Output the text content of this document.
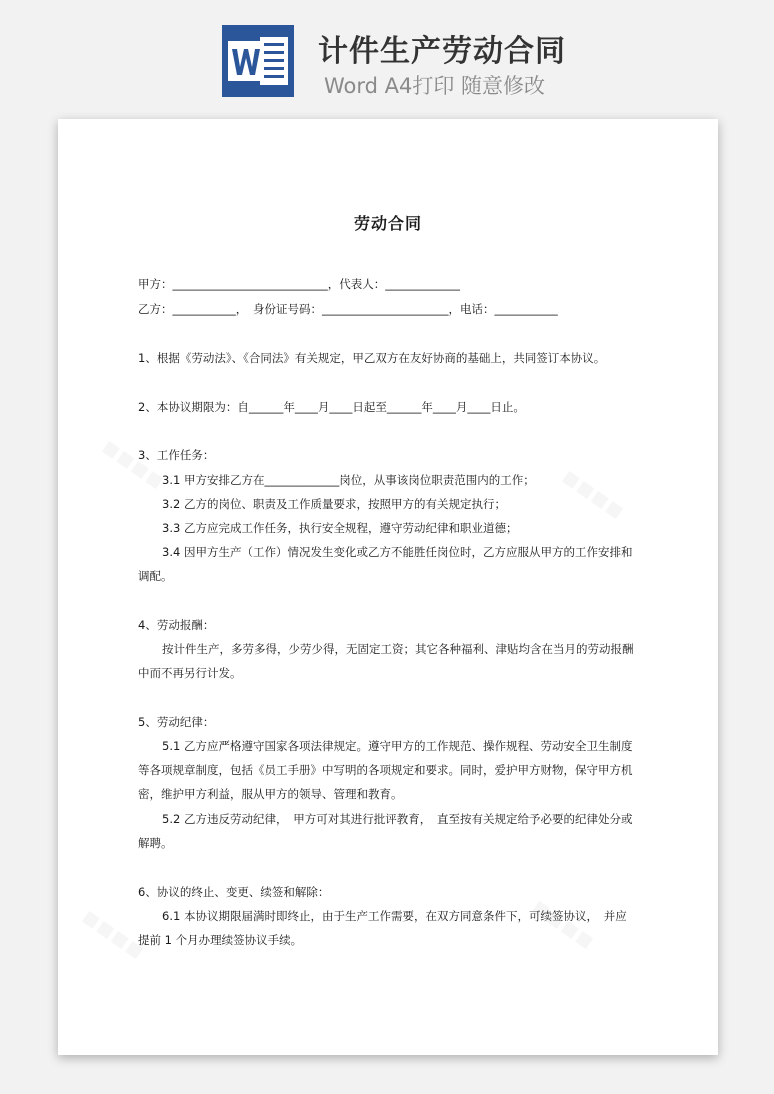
计件生产劳动合同
Word A4打印 随意修改
劳动合同
甲方：___________________________，代表人：_____________
乙方：___________，　身份证号码：______________________，电话：___________
1、根据《劳动法》、《合同法》有关规定，甲乙双方在友好协商的基础上，共同签订本协议。
2、本协议期限为：自______年____月____日起至______年____月____日止。
3、工作任务：
3.1 甲方安排乙方在_____________岗位，从事该岗位职责范围内的工作；
3.2 乙方的岗位、职责及工作质量要求，按照甲方的有关规定执行；
3.3 乙方应完成工作任务，执行安全规程，遵守劳动纪律和职业道德；
3.4 因甲方生产（工作）情况发生变化或乙方不能胜任岗位时，乙方应服从甲方的工作安排和调配。
4、劳动报酬：
按计件生产，多劳多得，少劳少得，无固定工资；其它各种福利、津贴均含在当月的劳动报酬中而不再另行计发。
5、劳动纪律：
5.1 乙方应严格遵守国家各项法律规定。遵守甲方的工作规范、操作规程、劳动安全卫生制度等各项规章制度，包括《员工手册》中写明的各项规定和要求。同时，爱护甲方财物，保守甲方机密，维护甲方利益，服从甲方的领导、管理和教育。
5.2 乙方违反劳动纪律，　甲方可对其进行批评教育，　直至按有关规定给予必要的纪律处分或解聘。
6、协议的终止、变更、续签和解除：
6.1 本协议期限届满时即终止，由于生产工作需要，在双方同意条件下，可续签协议，　并应提前 1 个月办理续签协议手续。
